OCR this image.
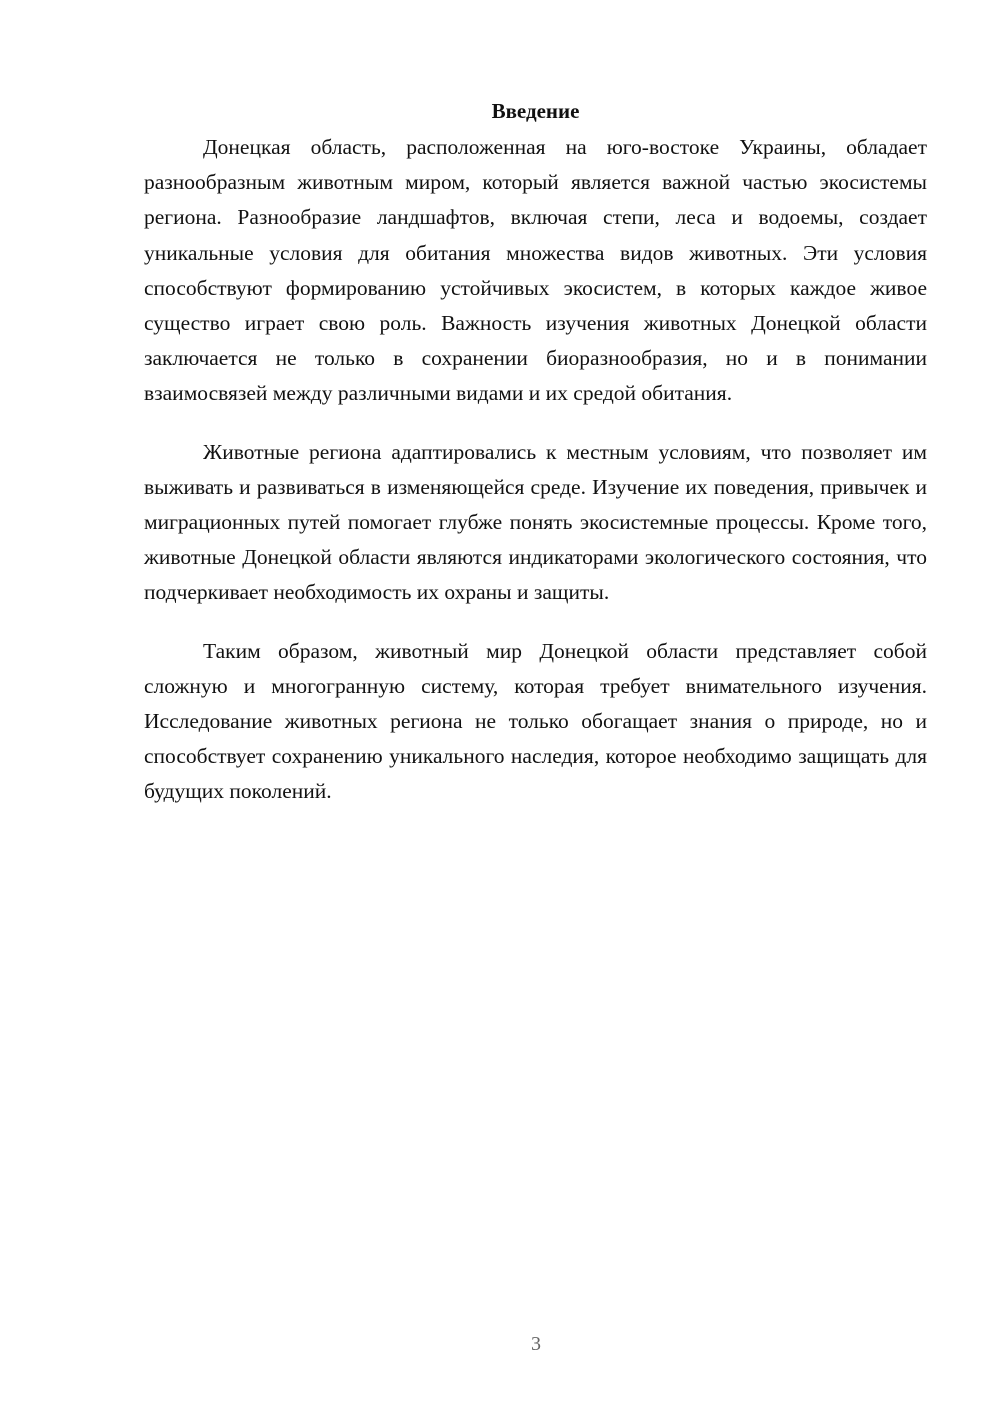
Введение

Донецкая область, расположенная на юго-востоке Украины, обладает разнообразным животным миром, который является важной частью экосистемы региона. Разнообразие ландшафтов, включая степи, леса и водоемы, создает уникальные условия для обитания множества видов животных. Эти условия способствуют формированию устойчивых экосистем, в которых каждое живое существо играет свою роль. Важность изучения животных Донецкой области заключается не только в сохранении биоразнообразия, но и в понимании взаимосвязей между различными видами и их средой обитания.

Животные региона адаптировались к местным условиям, что позволяет им выживать и развиваться в изменяющейся среде. Изучение их поведения, привычек и миграционных путей помогает глубже понять экосистемные процессы. Кроме того, животные Донецкой области являются индикаторами экологического состояния, что подчеркивает необходимость их охраны и защиты.

Таким образом, животный мир Донецкой области представляет собой сложную и многогранную систему, которая требует внимательного изучения. Исследование животных региона не только обогащает знания о природе, но и способствует сохранению уникального наследия, которое необходимо защищать для будущих поколений.

3
